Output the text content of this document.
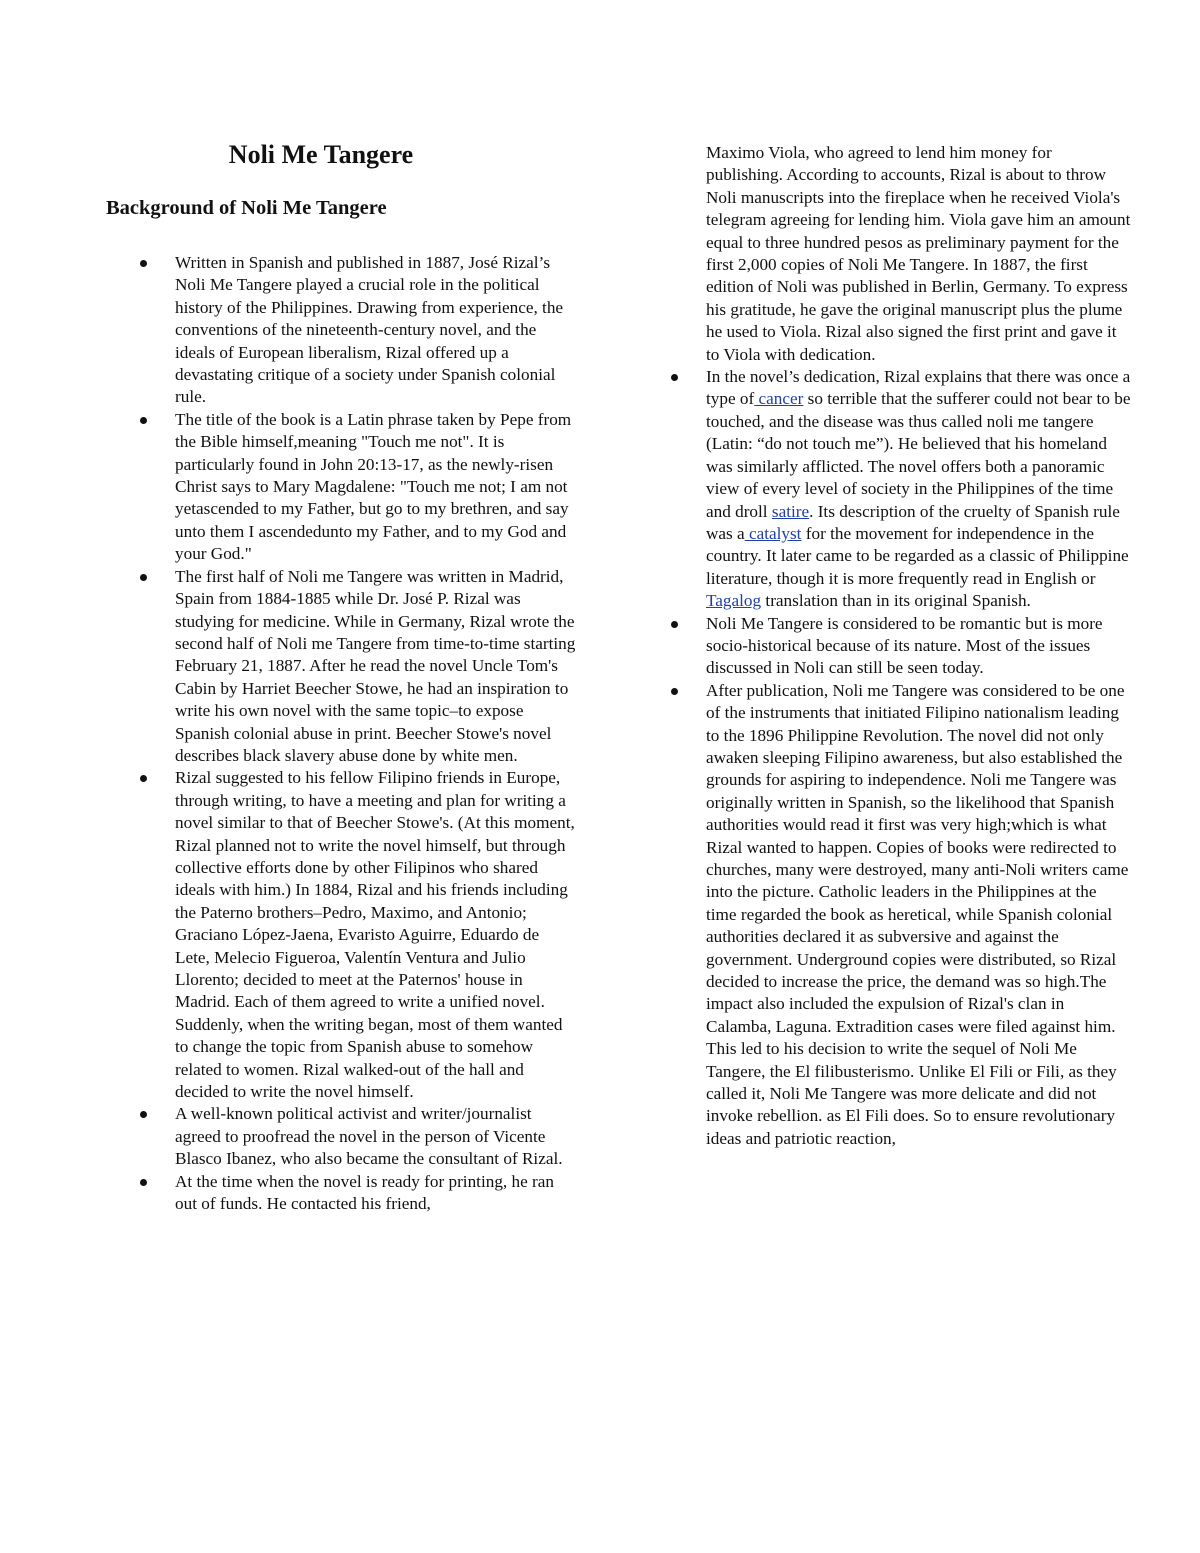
Noli Me Tangere
Background of Noli Me Tangere
Written in Spanish and published in 1887, José Rizal’s Noli Me Tangere played a crucial role in the political history of the Philippines. Drawing from experience, the conventions of the nineteenth-century novel, and the ideals of European liberalism, Rizal offered up a devastating critique of a society under Spanish colonial rule.
The title of the book is a Latin phrase taken by Pepe from the Bible himself,meaning "Touch me not". It is particularly found in John 20:13-17, as the newly-risen Christ says to Mary Magdalene: "Touch me not; I am not yetascended to my Father, but go to my brethren, and say unto them I ascendedunto my Father, and to my God and your God."
The first half of Noli me Tangere was written in Madrid, Spain from 1884-1885 while Dr. José P. Rizal was studying for medicine. While in Germany, Rizal wrote the second half of Noli me Tangere from time-to-time starting February 21, 1887. After he read the novel Uncle Tom's Cabin by Harriet Beecher Stowe, he had an inspiration to write his own novel with the same topic–to expose Spanish colonial abuse in print. Beecher Stowe's novel describes black slavery abuse done by white men.
Rizal suggested to his fellow Filipino friends in Europe, through writing, to have a meeting and plan for writing a novel similar to that of Beecher Stowe's. (At this moment, Rizal planned not to write the novel himself, but through collective efforts done by other Filipinos who shared ideals with him.) In 1884, Rizal and his friends including the Paterno brothers–Pedro, Maximo, and Antonio; Graciano López-Jaena, Evaristo Aguirre, Eduardo de Lete, Melecio Figueroa, Valentín Ventura and Julio Llorento; decided to meet at the Paternos' house in Madrid. Each of them agreed to write a unified novel. Suddenly, when the writing began, most of them wanted to change the topic from Spanish abuse to somehow related to women. Rizal walked-out of the hall and decided to write the novel himself.
A well-known political activist and writer/journalist agreed to proofread the novel in the person of Vicente Blasco Ibanez, who also became the consultant of Rizal.
At the time when the novel is ready for printing, he ran out of funds. He contacted his friend,
Maximo Viola, who agreed to lend him money for publishing. According to accounts, Rizal is about to throw Noli manuscripts into the fireplace when he received Viola's telegram agreeing for lending him. Viola gave him an amount equal to three hundred pesos as preliminary payment for the first 2,000 copies of Noli Me Tangere. In 1887, the first edition of Noli was published in Berlin, Germany. To express his gratitude, he gave the original manuscript plus the plume he used to Viola. Rizal also signed the first print and gave it to Viola with dedication.
In the novel’s dedication, Rizal explains that there was once a type of cancer so terrible that the sufferer could not bear to be touched, and the disease was thus called noli me tangere (Latin: “do not touch me”). He believed that his homeland was similarly afflicted. The novel offers both a panoramic view of every level of society in the Philippines of the time and droll satire. Its description of the cruelty of Spanish rule was a catalyst for the movement for independence in the country. It later came to be regarded as a classic of Philippine literature, though it is more frequently read in English or Tagalog translation than in its original Spanish.
Noli Me Tangere is considered to be romantic but is more socio-historical because of its nature. Most of the issues discussed in Noli can still be seen today.
After publication, Noli me Tangere was considered to be one of the instruments that initiated Filipino nationalism leading to the 1896 Philippine Revolution. The novel did not only awaken sleeping Filipino awareness, but also established the grounds for aspiring to independence. Noli me Tangere was originally written in Spanish, so the likelihood that Spanish authorities would read it first was very high;which is what Rizal wanted to happen. Copies of books were redirected to churches, many were destroyed, many anti-Noli writers came into the picture. Catholic leaders in the Philippines at the time regarded the book as heretical, while Spanish colonial authorities declared it as subversive and against the government. Underground copies were distributed, so Rizal decided to increase the price, the demand was so high.The impact also included the expulsion of Rizal's clan in Calamba, Laguna. Extradition cases were filed against him. This led to his decision to write the sequel of Noli Me Tangere, the El filibusterismo. Unlike El Fili or Fili, as they called it, Noli Me Tangere was more delicate and did not invoke rebellion. as El Fili does. So to ensure revolutionary ideas and patriotic reaction,
